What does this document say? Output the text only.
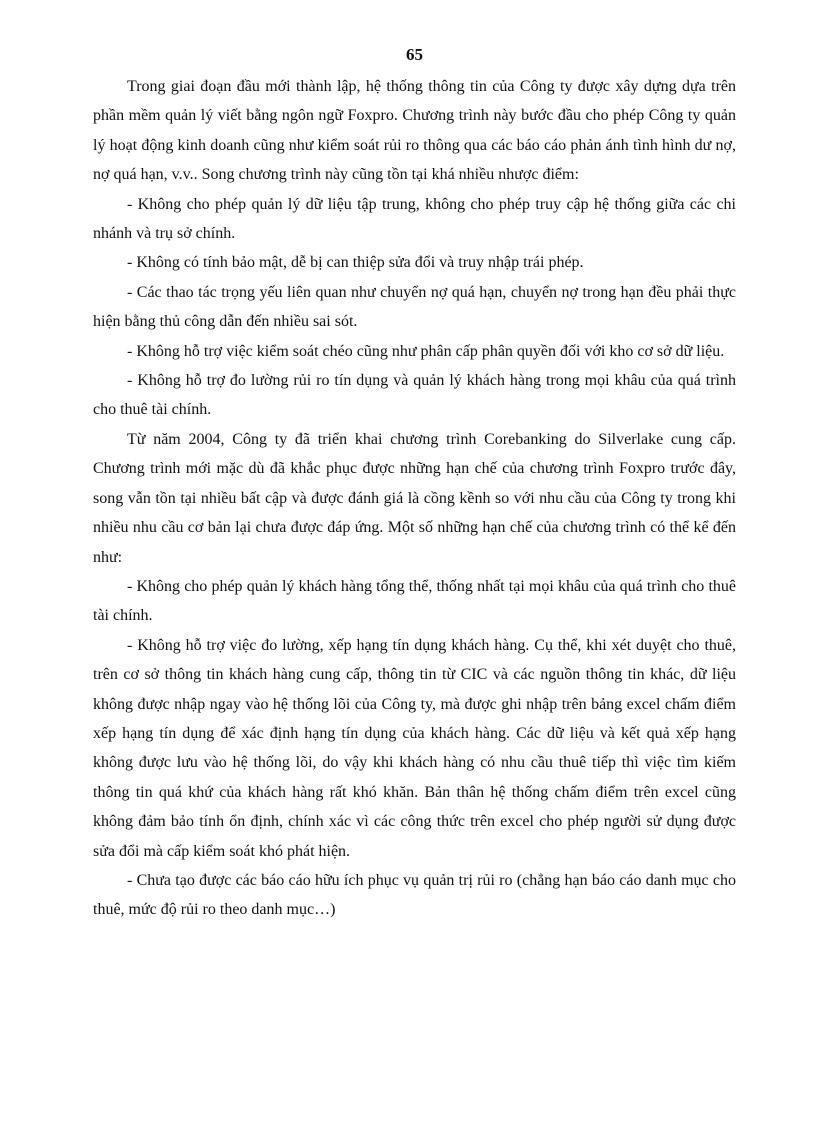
65

Trong giai đoạn đầu mới thành lập, hệ thống thông tin của Công ty được xây dựng dựa trên phần mềm quản lý viết bằng ngôn ngữ Foxpro. Chương trình này bước đầu cho phép Công ty quản lý hoạt động kinh doanh cũng như kiểm soát rủi ro thông qua các báo cáo phản ánh tình hình dư nợ, nợ quá hạn, v.v.. Song chương trình này cũng tồn tại khá nhiều nhược điểm:

- Không cho phép quản lý dữ liệu tập trung, không cho phép truy cập hệ thống giữa các chi nhánh và trụ sở chính.

- Không có tính bảo mật, dễ bị can thiệp sửa đổi và truy nhập trái phép.

- Các thao tác trọng yếu liên quan như chuyển nợ quá hạn, chuyển nợ trong hạn đều phải thực hiện bằng thủ công dẫn đến nhiều sai sót.

- Không hỗ trợ việc kiểm soát chéo cũng như phân cấp phân quyền đối với kho cơ sở dữ liệu.

- Không hỗ trợ đo lường rủi ro tín dụng và quản lý khách hàng trong mọi khâu của quá trình cho thuê tài chính.

Từ năm 2004, Công ty đã triển khai chương trình Corebanking do Silverlake cung cấp. Chương trình mới mặc dù đã khắc phục được những hạn chế của chương trình Foxpro trước đây, song vẫn tồn tại nhiều bất cập và được đánh giá là cồng kềnh so với nhu cầu của Công ty trong khi nhiều nhu cầu cơ bản lại chưa được đáp ứng. Một số những hạn chế của chương trình có thể kể đến như:

- Không cho phép quản lý khách hàng tổng thể, thống nhất tại mọi khâu của quá trình cho thuê tài chính.

- Không hỗ trợ việc đo lường, xếp hạng tín dụng khách hàng. Cụ thể, khi xét duyệt cho thuê, trên cơ sở thông tin khách hàng cung cấp, thông tin từ CIC và các nguồn thông tin khác, dữ liệu không được nhập ngay vào hệ thống lõi của Công ty, mà được ghi nhập trên bảng excel chấm điểm xếp hạng tín dụng để xác định hạng tín dụng của khách hàng. Các dữ liệu và kết quả xếp hạng không được lưu vào hệ thống lõi, do vậy khi khách hàng có nhu cầu thuê tiếp thì việc tìm kiếm thông tin quá khứ của khách hàng rất khó khăn. Bản thân hệ thống chấm điểm trên excel cũng không đảm bảo tính ổn định, chính xác vì các công thức trên excel cho phép người sử dụng được sửa đổi mà cấp kiểm soát khó phát hiện.

- Chưa tạo được các báo cáo hữu ích phục vụ quản trị rủi ro (chẳng hạn báo cáo danh mục cho thuê, mức độ rủi ro theo danh mục…)
